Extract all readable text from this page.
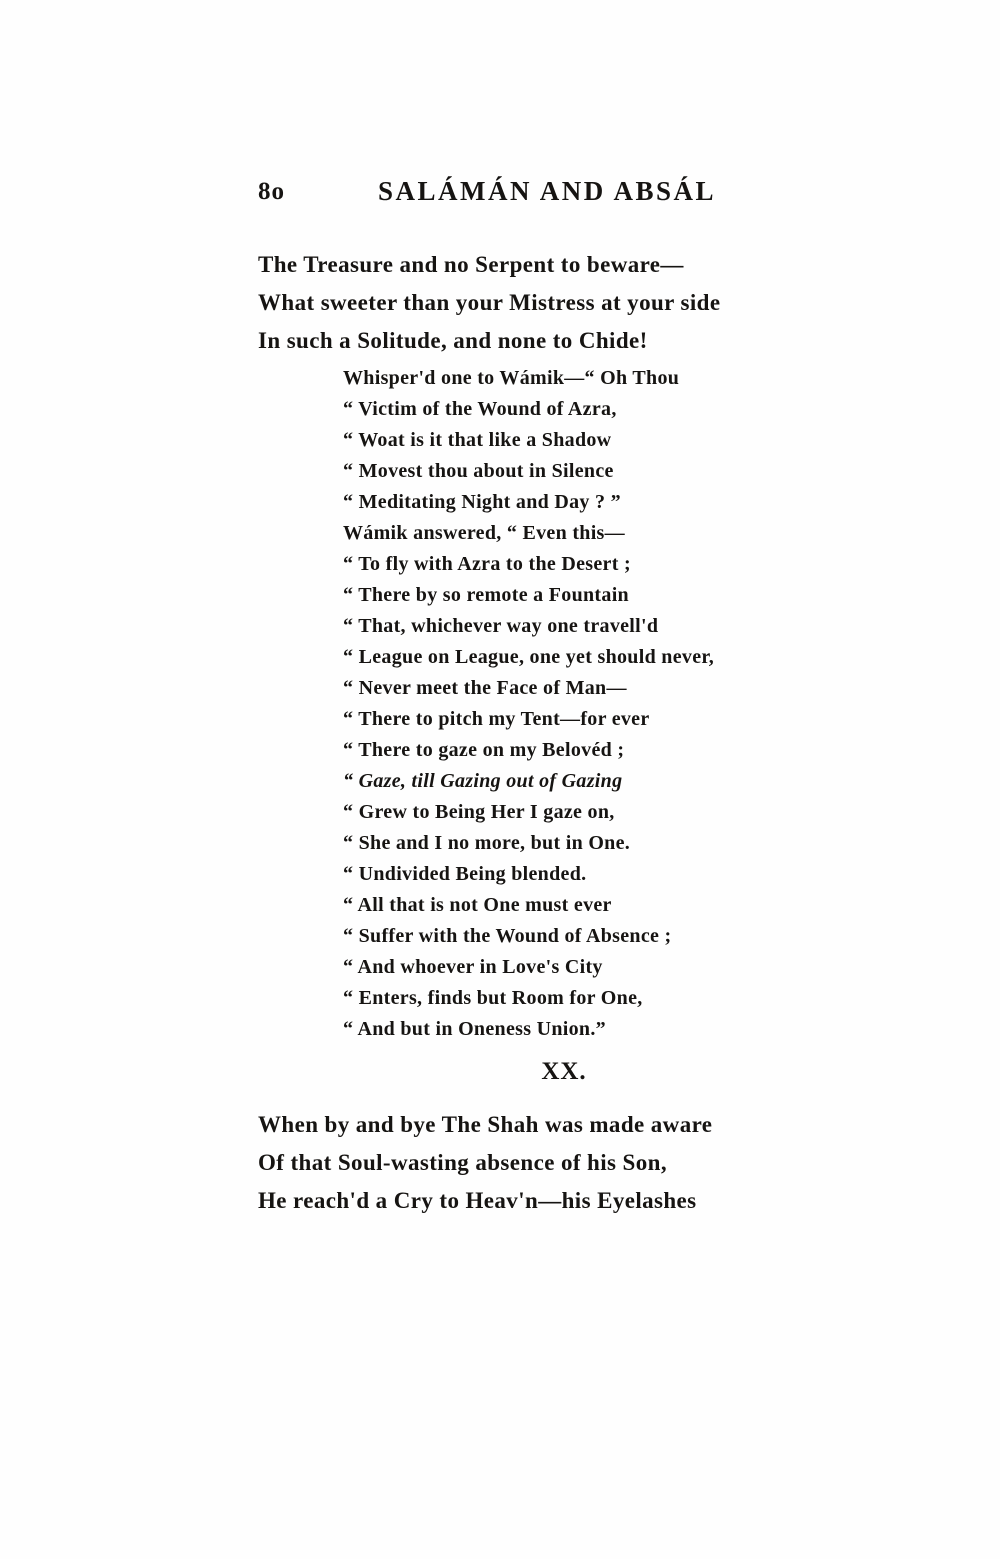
8o	SALÁMÁN AND ABSÁL

The Treasure and no Serpent to beware—

What sweeter than your Mistress at your side

In such a Solitude, and none to Chide!

Whisper'd one to Wámik—“ Oh Thou

“ Victim of the Wound of Azra,

“ Woat is it that like a Shadow

“ Movest thou about in Silence

“ Meditating Night and Day ? ”

Wámik answered, “ Even this—

“ To fly with Azra to the Desert ;

“ There by so remote a Fountain

“ That, whichever way one travell'd

“ League on League, one yet should never,

“ Never meet the Face of Man—

“ There to pitch my Tent—for ever

“ There to gaze on my Belovéd ;

“ Gaze, till Gazing out of Gazing

“ Grew to Being Her I gaze on,

“ She and I no more, but in One.

“ Undivided Being blended.

“ All that is not One must ever

“ Suffer with the Wound of Absence ;

“ And whoever in Love's City

“ Enters, finds but Room for One,

“ And but in Oneness Union.”

XX.

When by and bye The Shah was made aware

Of that Soul-wasting absence of his Son,

He reach'd a Cry to Heav'n—his Eyelashes
